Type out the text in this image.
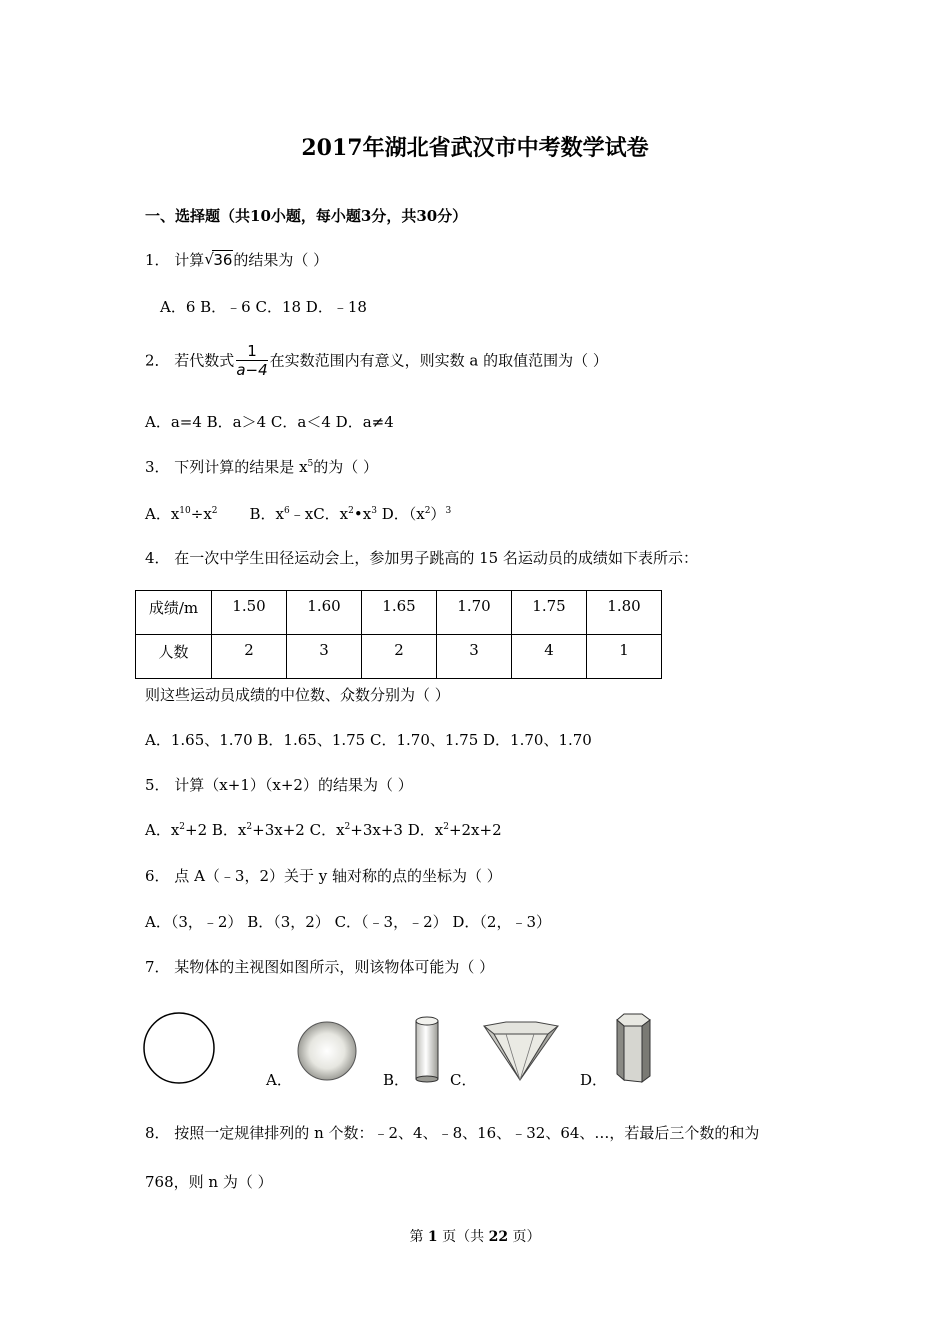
2017年湖北省武汉市中考数学试卷
一、选择题（共10小题，每小题3分，共30分）
1． 计算 √ 36的结果为（ ）
A．6 B．﹣6 C．18 D．﹣18
2． 若代数式 $\frac{1}{a-4}$ 在实数范围内有意义，则实数 a 的取值范围为（ ）
A．a=4 B．a＞4 C．a＜4 D．a≠4
3． 下列计算的结果是 $x^5$的为（ ）
A．$x^{10}\div x^2$ B．$x^6﹣xC$．$x^2•x^3$ D．$(x^2)^3$
4． 在一次中学生田径运动会上，参加男子跳高的 15 名运动员的成绩如下表所示：
成绩/m	1.50	1.60	1.65	1.70	1.75	1.80
人数	2	3	2	3	4	1
则这些运动员成绩的中位数、众数分别为（ ）
A．1.65、1.70 B．1.65、1.75 C．1.70、1.75 D．1.70、1.70
5． 计算（x+1）（x+2）的结果为（ ）
A．$x^2+2$ B．$x^2+3x+2$ C．$x^2+3x+3$ D．$x^2+2x+2$
6． 点 A（﹣3，2）关于 y 轴对称的点的坐标为（ ）
A．（3，﹣2） B．（3，2） C．（﹣3，﹣2） D．（2，﹣3）
7． 某物体的主视图如图所示，则该物体可能为（ ）
A．	B．	C．	D．
8． 按照一定规律排列的 n 个数：﹣2、4、﹣8、16、﹣32、64、…，若最后三个数的和为
768，则 n 为（ ）
第 1 页（共 22 页）
